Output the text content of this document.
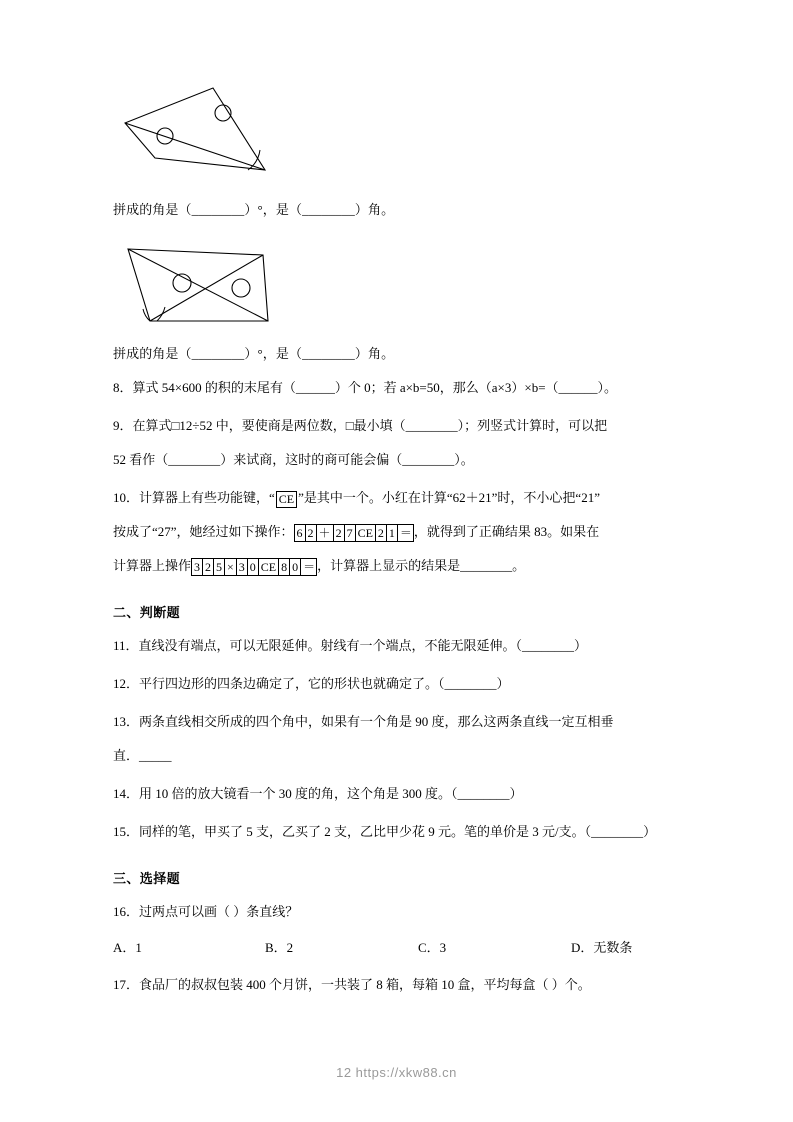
拼成的角是（________）°，是（________）角。
拼成的角是（________）°，是（________）角。
8．算式 54×600 的积的末尾有（______）个 0；若 a×b=50，那么（a×3）×b=（______）。
9．在算式□12÷52 中，要使商是两位数，□最小填（________）；列竖式计算时，可以把
52 看作（________）来试商，这时的商可能会偏（________）。
10．计算器上有些功能键，“ CE ”是其中一个。小红在计算“62＋21”时，不小心把“21”
按成了“27”，她经过如下操作： 6 2 ＋ 2 7 CE 2 1 ＝ ，就得到了正确结果 83。如果在
计算器上操作 3 2 5 × 3 0 CE 8 0 ＝ ，计算器上显示的结果是________。
二、判断题
11．直线没有端点，可以无限延伸。射线有一个端点，不能无限延伸。（________）
12．平行四边形的四条边确定了，它的形状也就确定了。（________）
13．两条直线相交所成的四个角中，如果有一个角是 90 度，那么这两条直线一定互相垂
直．_____
14．用 10 倍的放大镜看一个 30 度的角，这个角是 300 度。（________）
15．同样的笔，甲买了 5 支，乙买了 2 支，乙比甲少花 9 元。笔的单价是 3 元/支。（________）
三、选择题
16．过两点可以画（ ）条直线？
A．1	B．2	C．3	D．无数条
17．食品厂的叔叔包装 400 个月饼，一共装了 8 箱，每箱 10 盒，平均每盒（ ）个。
12 https://xkw88.cn
